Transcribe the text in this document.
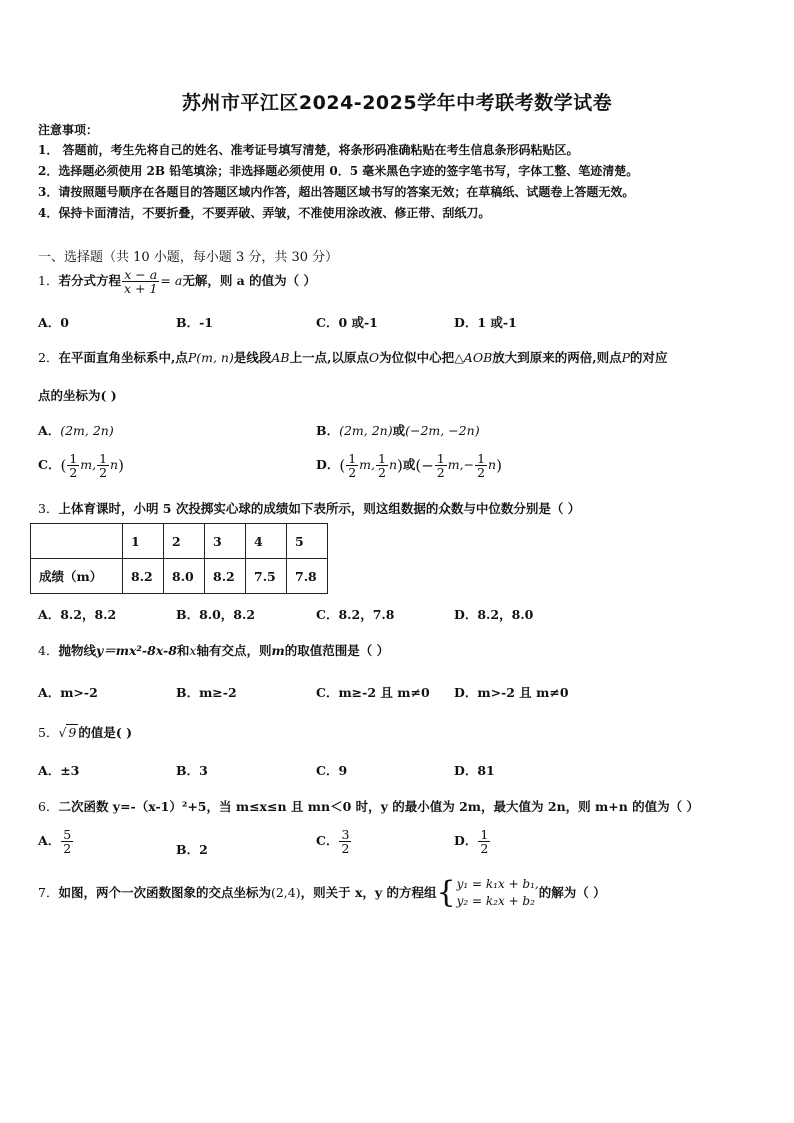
苏州市平江区2024-2025学年中考联考数学试卷
注意事项：
1． 答题前，考生先将自己的姓名、准考证号填写清楚，将条形码准确粘贴在考生信息条形码粘贴区。
2．选择题必须使用 2B 铅笔填涂；非选择题必须使用 0．5 毫米黑色字迹的签字笔书写，字体工整、笔迹清楚。
3．请按照题号顺序在各题目的答题区域内作答，超出答题区域书写的答案无效；在草稿纸、试题卷上答题无效。
4．保持卡面清洁，不要折叠，不要弄破、弄皱，不准使用涂改液、修正带、刮纸刀。
一、选择题（共 10 小题，每小题 3 分，共 30 分）
1．若分式方程 $\frac{x - a}{x + 1} = a$无解，则 a 的值为（ ）
A．0	B．-1	C．0 或-1	D．1 或-1
2．在平面直角坐标系中,点P(m, n)是线段AB上一点,以原点O为位似中心把△AOB放大到原来的两倍,则点P的对应
点的坐标为( )
A．(2m, 2n)	B．(2m, 2n)或(−2m, −2n)
C．( $\frac{1}{2} m$, $\frac{1}{2} n$)	D．( $\frac{1}{2} m$, $\frac{1}{2} n$)或(− $\frac{1}{2} m,- \frac{1}{2} n$)
3．上体育课时，小明 5 次投掷实心球的成绩如下表所示，则这组数据的众数与中位数分别是（ ）
	1	2	3	4	5
成绩（m）	8.2	8.0	8.2	7.5	7.8
A．8.2，8.2	B．8.0，8.2	C．8.2，7.8	D．8.2，8.0
4．抛物线y＝mx²-8x-8和x轴有交点，则m的取值范围是（ ）
A．m>-2	B．m≥-2	C．m≥-2 且 m≠0 D．m>-2 且 m≠0
5．√ 9 的值是( )
A．±3	B．3	C．9	D．81
6．二次函数 y=-（x-1）²+5，当 m≤x≤n 且 mn＜0 时，y 的最小值为 2m，最大值为 2n，则 m+n 的值为（ ）
A． $\frac{5}{2}$	B．2
C． $\frac{3}{2}$	D． $\frac{1}{2}$
7．如图，两个一次函数图象的交点坐标为(2,4)，则关于 x，y 的方程组 { y₁ = k₁x + b₁,
y₂ = k₂x + b₂
的解为（ ）
